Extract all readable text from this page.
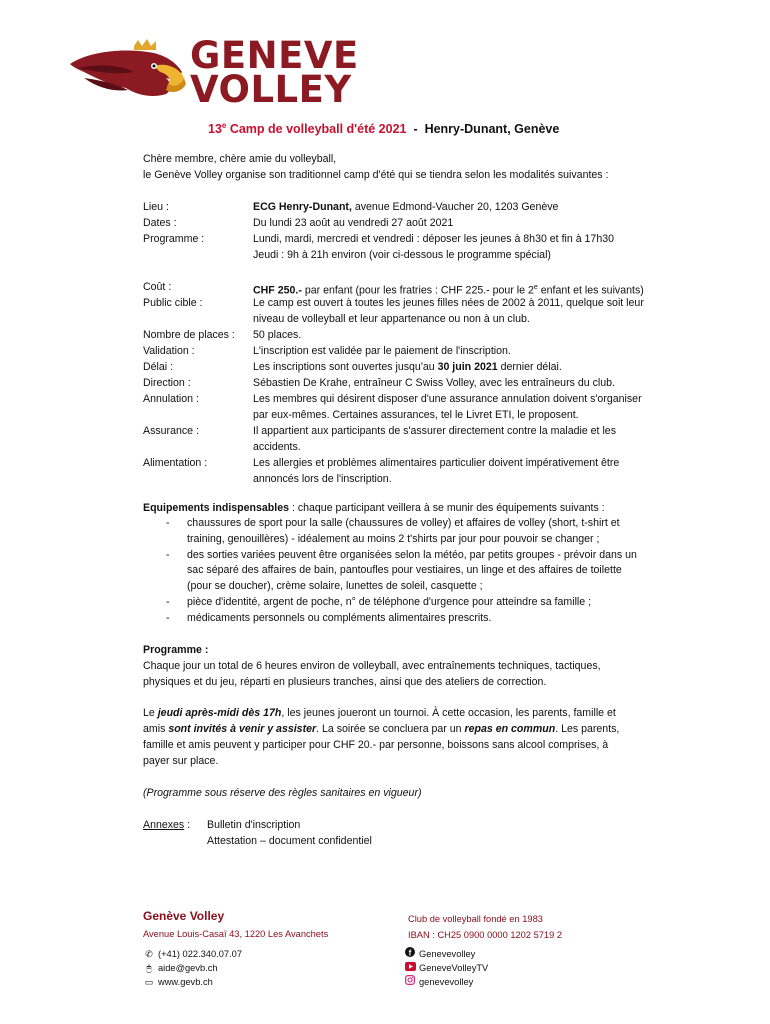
GENEVE
VOLLEY
13e Camp de volleyball d'été 2021  -  Henry-Dunant, Genève
Chère membre, chère amie du volleyball,
le Genève Volley organise son traditionnel camp d'été qui se tiendra selon les modalités suivantes :
Lieu :
Dates :
Programme :
Coût :
Public cible :
Nombre de places :
Validation :
Délai :
Direction :
Annulation :
Assurance :
Alimentation :
ECG Henry-Dunant, avenue Edmond-Vaucher 20, 1203 Genève
Du lundi 23 août au vendredi 27 août 2021
Lundi, mardi, mercredi et vendredi : déposer les jeunes à 8h30 et fin à 17h30
Jeudi : 9h à 21h environ (voir ci-dessous le programme spécial)
CHF 250.- par enfant (pour les fratries : CHF 225.- pour le 2e enfant et les suivants)
Le camp est ouvert à toutes les jeunes filles nées de 2002 à 2011, quelque soit leur
niveau de volleyball et leur appartenance ou non à un club.
50 places.
L'inscription est validée par le paiement de l'inscription.
Les inscriptions sont ouvertes jusqu'au 30 juin 2021 dernier délai.
Sébastien De Krahe, entraîneur C Swiss Volley, avec les entraîneurs du club.
Les membres qui désirent disposer d'une assurance annulation doivent s'organiser
par eux-mêmes. Certaines assurances, tel le Livret ETI, le proposent.
Il appartient aux participants de s'assurer directement contre la maladie et les
accidents.
Les allergies et problèmes alimentaires particulier doivent impérativement être
annoncés lors de l'inscription.
Equipements indispensables : chaque participant veillera à se munir des équipements suivants :
- chaussures de sport pour la salle (chaussures de volley) et affaires de volley (short, t-shirt et
training, genouillères) - idéalement au moins 2 t'shirts par jour pour pouvoir se changer ;
- des sorties variées peuvent être organisées selon la météo, par petits groupes - prévoir dans un
sac séparé des affaires de bain, pantoufles pour vestiaires, un linge et des affaires de toilette
(pour se doucher), crème solaire, lunettes de soleil, casquette ;
- pièce d'identité, argent de poche, n° de téléphone d'urgence pour atteindre sa famille ;
- médicaments personnels ou compléments alimentaires prescrits.
Programme :
Chaque jour un total de 6 heures environ de volleyball, avec entraînements techniques, tactiques,
physiques et du jeu, réparti en plusieurs tranches, ainsi que des ateliers de correction.
Le jeudi après-midi dès 17h, les jeunes joueront un tournoi. À cette occasion, les parents, famille et
amis sont invités à venir y assister. La soirée se concluera par un repas en commun. Les parents,
famille et amis peuvent y participer pour CHF 20.- par personne, boissons sans alcool comprises, à
payer sur place.
(Programme sous réserve des règles sanitaires en vigueur)
Annexes : Bulletin d'inscription
Attestation – document confidentiel
Genève Volley
Avenue Louis-Casaï 43, 1220 Les Avanchets
✆ (+41) 022.340.07.07
🖰 aide@gevb.ch
▭ www.gevb.ch
Club de volleyball fondé en 1983
IBAN : CH25 0900 0000 1202 5719 2
f Genevevolley
GeneveVolleyTV
genevevolley
